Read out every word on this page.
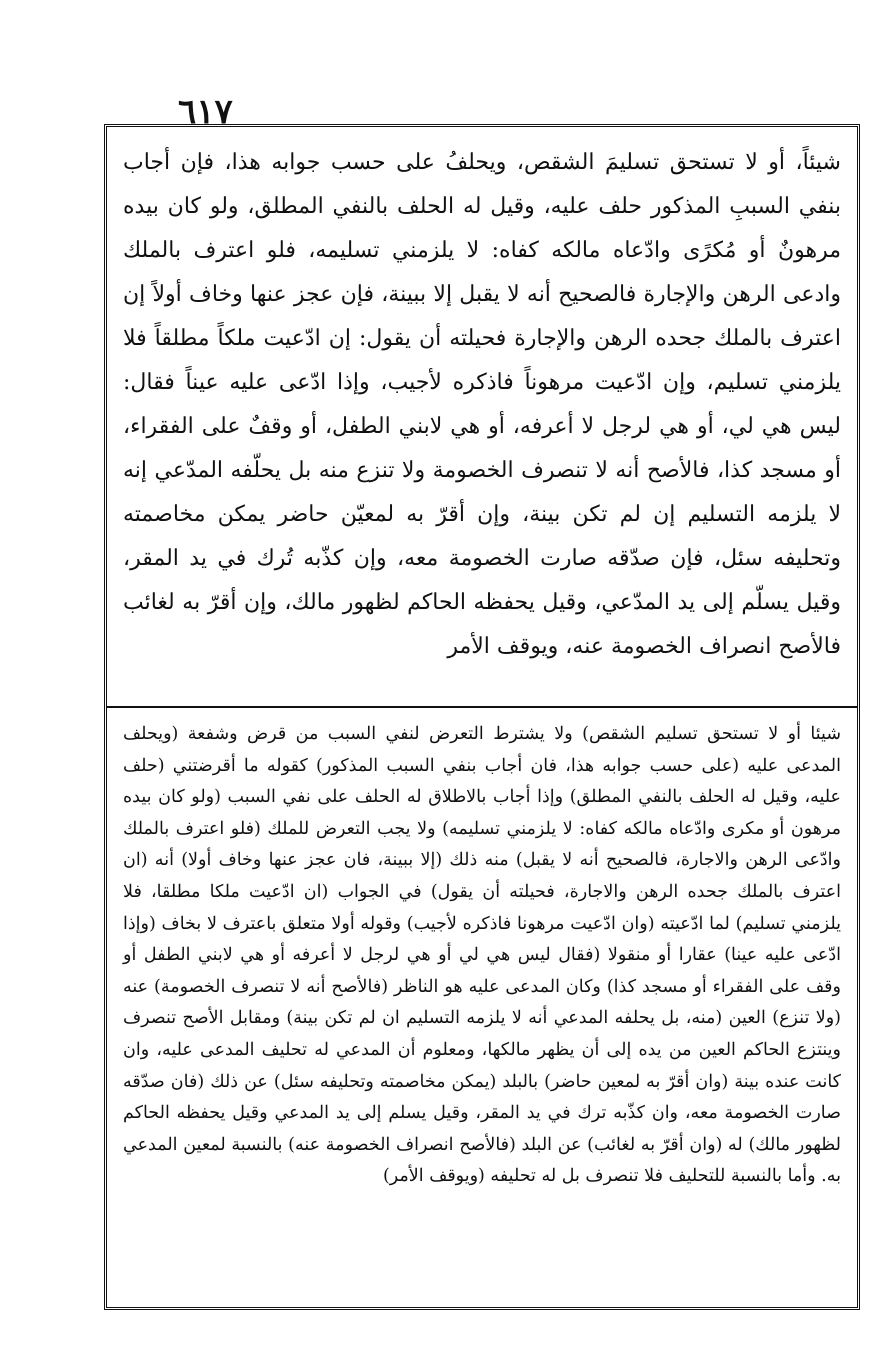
٦١٧

شيئاً، أو لا تستحق تسليمَ الشقص، ويحلفُ على حسب جوابه هذا، فإن أجاب بنفي السببِ المذكور حلف عليه، وقيل له الحلف بالنفي المطلق، ولو كان بيده مرهونٌ أو مُكرًى وادّعاه مالكه كفاه: لا يلزمني تسليمه، فلو اعترف بالملك وادعى الرهن والإجارة فالصحيح أنه لا يقبل إلا ببينة، فإن عجز عنها وخاف أولاً إن اعترف بالملك جحده الرهن والإجارة فحيلته أن يقول: إن ادّعيت ملكاً مطلقاً فلا يلزمني تسليم، وإن ادّعيت مرهوناً فاذكره لأجيب، وإذا ادّعى عليه عيناً فقال: ليس هي لي، أو هي لرجل لا أعرفه، أو هي لابني الطفل، أو وقفٌ على الفقراء، أو مسجد كذا، فالأصح أنه لا تنصرف الخصومة ولا تنزع منه بل يحلّفه المدّعي إنه لا يلزمه التسليم إن لم تكن بينة، وإن أقرّ به لمعيّن حاضر يمكن مخاصمته وتحليفه سئل، فإن صدّقه صارت الخصومة معه، وإن كذّبه تُرك في يد المقر، وقيل يسلّم إلى يد المدّعي، وقيل يحفظه الحاكم لظهور مالك، وإن أقرّ به لغائب فالأصح انصراف الخصومة عنه، ويوقف الأمر

شيئا أو لا تستحق تسليم الشقص) ولا يشترط التعرض لنفي السبب من قرض وشفعة (ويحلف المدعى عليه (على حسب جوابه هذا، فان أجاب بنفي السبب المذكور) كقوله ما أقرضتني (حلف عليه، وقيل له الحلف بالنفي المطلق) وإذا أجاب بالاطلاق له الحلف على نفي السبب (ولو كان بيده مرهون أو مكرى وادّعاه مالكه كفاه: لا يلزمني تسليمه) ولا يجب التعرض للملك (فلو اعترف بالملك وادّعى الرهن والاجارة، فالصحيح أنه لا يقبل) منه ذلك (إلا ببينة، فان عجز عنها وخاف أولا) أنه (ان اعترف بالملك جحده الرهن والاجارة، فحيلته أن يقول) في الجواب (ان ادّعيت ملكا مطلقا، فلا يلزمني تسليم) لما ادّعيته (وان ادّعيت مرهونا فاذكره لأجيب) وقوله أولا متعلق باعترف لا بخاف (وإذا ادّعى عليه عينا) عقارا أو منقولا (فقال ليس هي لي أو هي لرجل لا أعرفه أو هي لابني الطفل أو وقف على الفقراء أو مسجد كذا) وكان المدعى عليه هو الناظر (فالأصح أنه لا تنصرف الخصومة) عنه (ولا تنزع) العين (منه، بل يحلفه المدعي أنه لا يلزمه التسليم ان لم تكن بينة) ومقابل الأصح تنصرف وينتزع الحاكم العين من يده إلى أن يظهر مالكها، ومعلوم أن المدعي له تحليف المدعى عليه، وان كانت عنده بينة (وان أقرّ به لمعين حاضر) بالبلد (يمكن مخاصمته وتحليفه سئل) عن ذلك (فان صدّقه صارت الخصومة معه، وان كذّبه ترك في يد المقر، وقيل يسلم إلى يد المدعي وقيل يحفظه الحاكم لظهور مالك) له (وان أقرّ به لغائب) عن البلد (فالأصح انصراف الخصومة عنه) بالنسبة لمعين المدعي به. وأما بالنسبة للتحليف فلا تنصرف بل له تحليفه (ويوقف الأمر)
